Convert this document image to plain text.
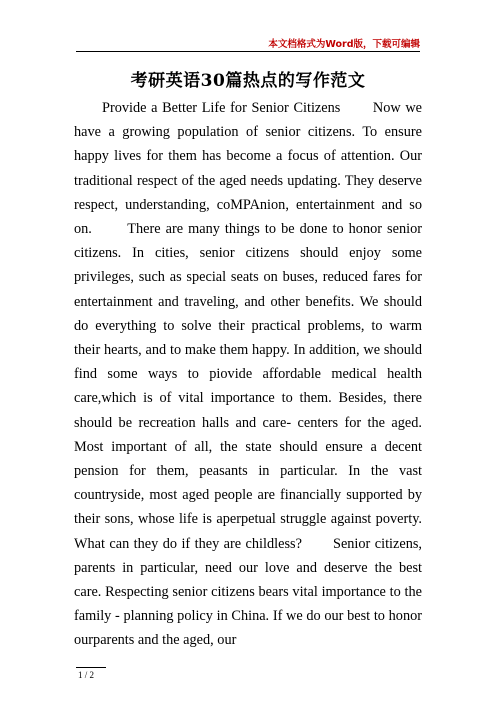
本文档格式为Word版，下载可编辑
考研英语30篇热点的写作范文

Provide a Better Life for Senior Citizens       Now we have a growing population of senior citizens. To ensure happy lives for them has become a focus of attention. Our traditional respect of the aged needs updating. They deserve respect, understanding, coMPAnion, entertainment and so on.       There are many things to be done to honor senior citizens. In cities, senior citizens should enjoy some privileges, such as special seats on buses, reduced fares for entertainment and traveling, and other benefits. We should do everything to solve their practical problems, to warm their hearts, and to make them happy. In addition, we should find some ways to piovide affordable medical health care,which is of vital importance to them. Besides, there should be recreation halls and care- centers for the aged. Most important of all, the state should ensure a decent pension for them, peasants in particular. In the vast countryside, most aged people are financially supported by their sons, whose life is aperpetual struggle against poverty. What can they do if they are childless?       Senior citizens, parents in particular, need our love and deserve the best care. Respecting senior citizens bears vital importance to the family - planning policy in China. If we do our best to honor ourparents and the aged, our

1 / 2
